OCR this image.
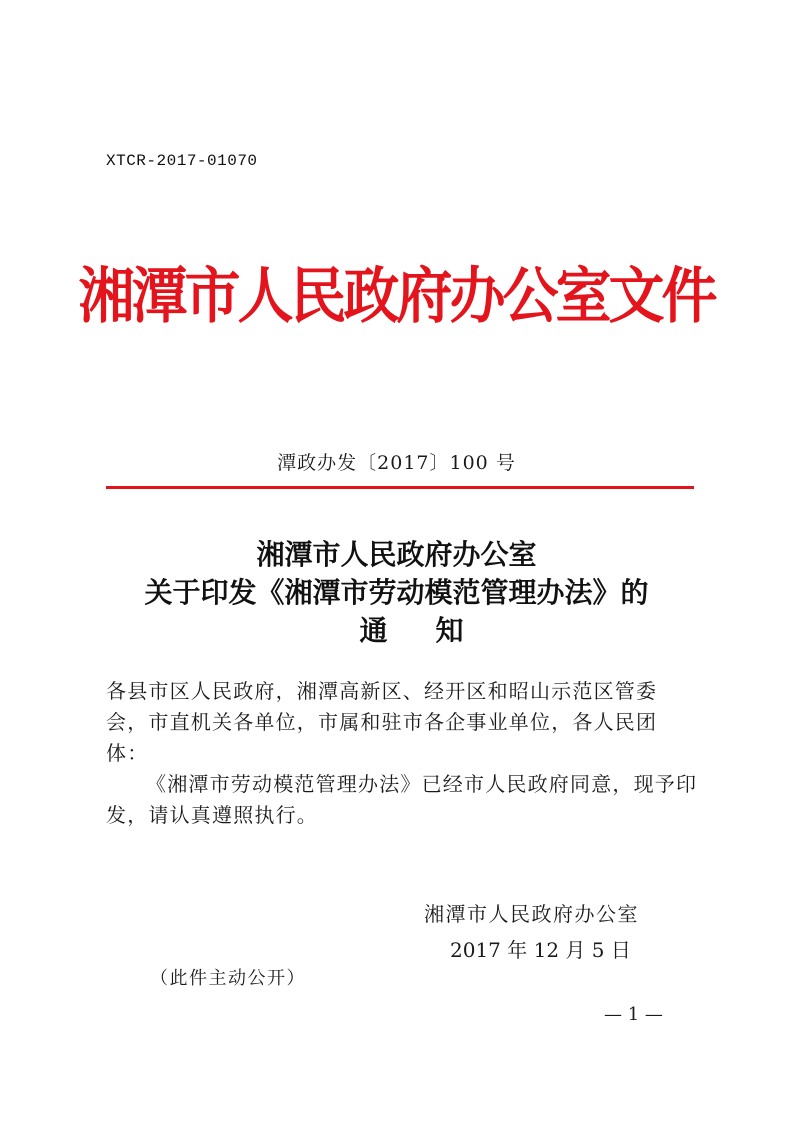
XTCR-2017-01070
湘潭市人民政府办公室文件
潭政办发〔2017〕100 号
湘潭市人民政府办公室
关于印发《湘潭市劳动模范管理办法》的
通知
各县市区人民政府，湘潭高新区、经开区和昭山示范区管委会，市直机关各单位，市属和驻市各企事业单位，各人民团体：
《湘潭市劳动模范管理办法》已经市人民政府同意，现予印发，请认真遵照执行。
湘潭市人民政府办公室
2017 年 12 月 5 日
（此件主动公开）
— 1 —
